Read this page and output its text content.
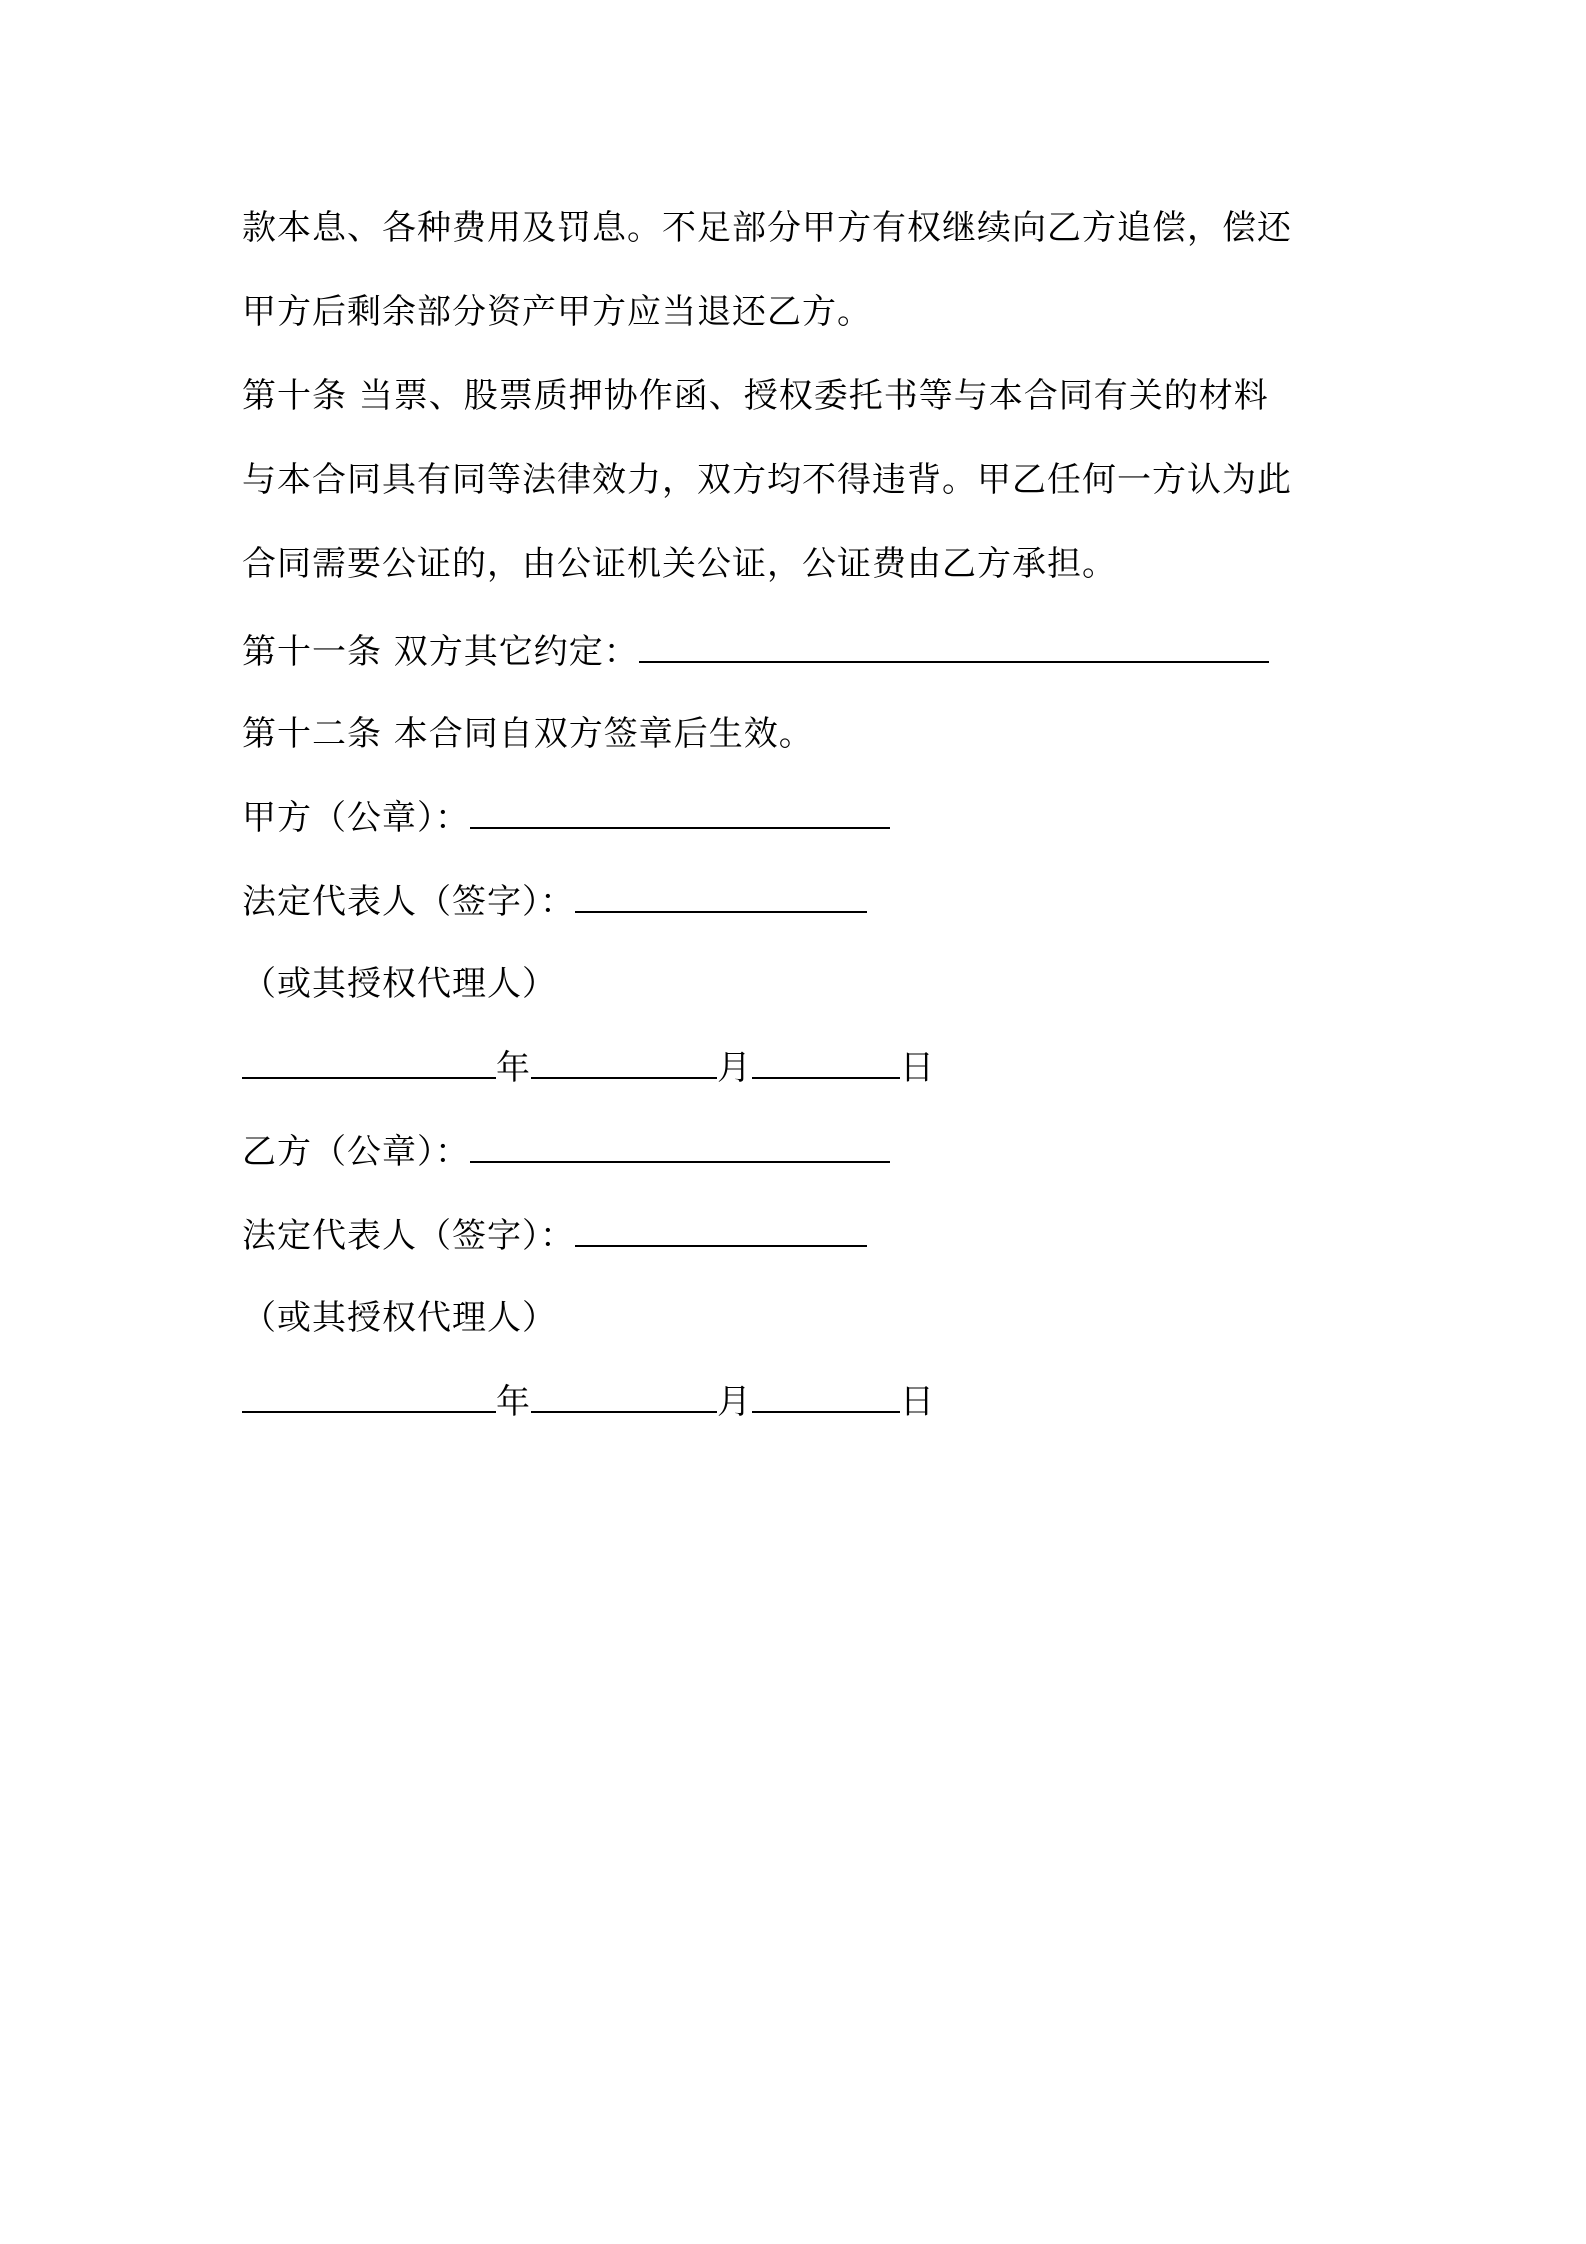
款本息、各种费用及罚息。不足部分甲方有权继续向乙方追偿，偿还
甲方后剩余部分资产甲方应当退还乙方。
第十条 当票、股票质押协作函、授权委托书等与本合同有关的材料
与本合同具有同等法律效力，双方均不得违背。甲乙任何一方认为此
合同需要公证的，由公证机关公证，公证费由乙方承担。
第十一条 双方其它约定：
第十二条 本合同自双方签章后生效。
甲方（公章）：
法定代表人（签字）：
（或其授权代理人）
年	月	日
乙方（公章）：
法定代表人（签字）：
（或其授权代理人）
年	月	日
